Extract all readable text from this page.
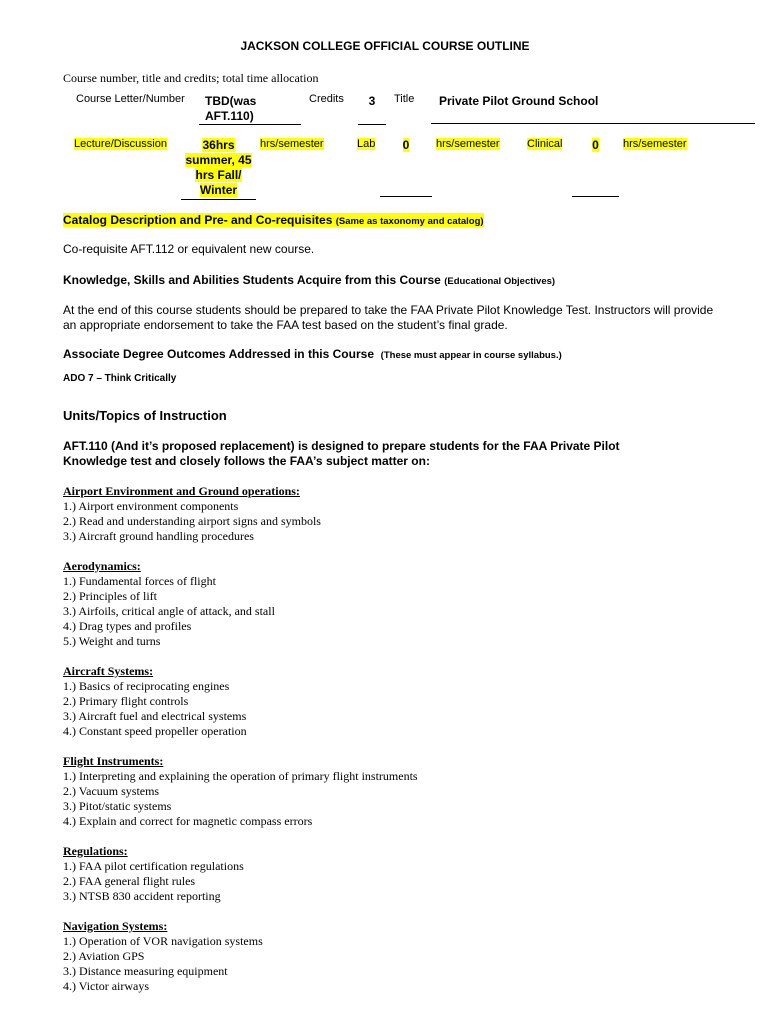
JACKSON COLLEGE OFFICIAL COURSE OUTLINE
Course number, title and credits; total time allocation
Course Letter/Number TBD(was
AFT.110)
Credits	3	Title	Private Pilot Ground School
Lecture/Discussion	36hrs
summer, 45
hrs Fall/
Winter
hrs/semester	Lab	0	hrs/semester Clinical	0	hrs/semester
Catalog Description and Pre- and Co-requisites (Same as taxonomy and catalog)
Co-requisite AFT.112 or equivalent new course.
Knowledge, Skills and Abilities Students Acquire from this Course (Educational Objectives)
At the end of this course students should be prepared to take the FAA Private Pilot Knowledge Test. Instructors will provide an appropriate endorsement to take the FAA test based on the student’s final grade.
Associate Degree Outcomes Addressed in this Course (These must appear in course syllabus.)
ADO 7 – Think Critically
Units/Topics of Instruction
AFT.110 (And it’s proposed replacement) is designed to prepare students for the FAA Private Pilot Knowledge test and closely follows the FAA’s subject matter on:
Airport Environment and Ground operations:
1.) Airport environment components
2.) Read and understanding airport signs and symbols
3.) Aircraft ground handling procedures
Aerodynamics:
1.) Fundamental forces of flight
2.) Principles of lift
3.) Airfoils, critical angle of attack, and stall
4.) Drag types and profiles
5.) Weight and turns
Aircraft Systems:
1.) Basics of reciprocating engines
2.) Primary flight controls
3.) Aircraft fuel and electrical systems
4.) Constant speed propeller operation
Flight Instruments:
1.) Interpreting and explaining the operation of primary flight instruments
2.) Vacuum systems
3.) Pitot/static systems
4.) Explain and correct for magnetic compass errors
Regulations:
1.) FAA pilot certification regulations
2.) FAA general flight rules
3.) NTSB 830 accident reporting
Navigation Systems:
1.) Operation of VOR navigation systems
2.) Aviation GPS
3.) Distance measuring equipment
4.) Victor airways
